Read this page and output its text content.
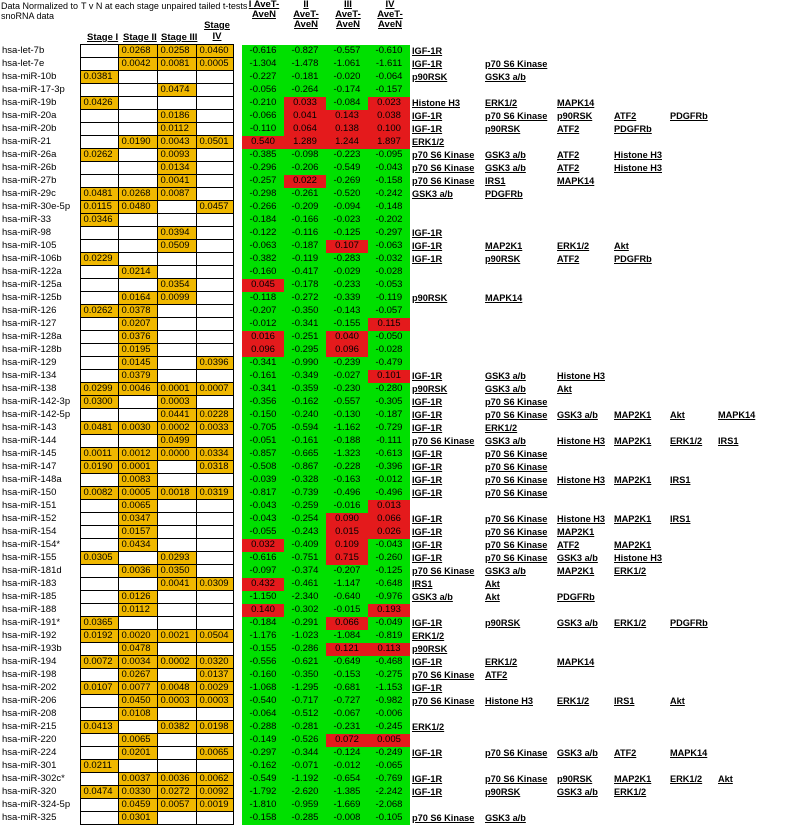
Data Normalized to snoRNA data
T v N at each stage unpaired tailed t-tests
Stage I Stage II Stage III
Stage IV
I AveT-AveN
II AveT-AveN
III AveT-AveN
IV AveT-AveN
hsa-let-7b		0.0268	0.0258	0.0460		-0.616	-0.827	-0.557	-0.610	IGF-1R					
hsa-let-7e		0.0042	0.0081	0.0005		-1.304	-1.478	-1.061	-1.611	IGF-1R	p70 S6 Kinase				
hsa-miR-10b	0.0381					-0.227	-0.181	-0.020	-0.064	p90RSK	GSK3 a/b				
hsa-miR-17-3p			0.0474			-0.056	-0.264	-0.174	-0.157						
hsa-miR-19b	0.0426					-0.210	0.033	-0.084	0.023	Histone H3	ERK1/2	MAPK14			
hsa-miR-20a			0.0186			-0.066	0.041	0.143	0.038	IGF-1R	p70 S6 Kinase	p90RSK	ATF2	PDGFRb	
hsa-miR-20b			0.0112			-0.110	0.064	0.138	0.100	IGF-1R	p90RSK	ATF2	PDGFRb		
hsa-miR-21		0.0190	0.0043	0.0501		0.540	1.289	1.244	1.897	ERK1/2					
hsa-miR-26a	0.0262		0.0093			-0.385	-0.098	-0.223	-0.095	p70 S6 Kinase	GSK3 a/b	ATF2	Histone H3		
hsa-miR-26b			0.0134			-0.296	-0.206	-0.549	-0.043	p70 S6 Kinase	GSK3 a/b	ATF2	Histone H3		
hsa-miR-27b			0.0041			-0.257	0.022	-0.269	-0.158	p70 S6 Kinase	IRS1	MAPK14			
hsa-miR-29c	0.0481	0.0268	0.0087			-0.298	-0.261	-0.520	-0.242	GSK3 a/b	PDGFRb				
hsa-miR-30e-5p	0.0115	0.0480		0.0457		-0.266	-0.209	-0.094	-0.148						
hsa-miR-33	0.0346					-0.184	-0.166	-0.023	-0.202						
hsa-miR-98			0.0394			-0.122	-0.116	-0.125	-0.297	IGF-1R					
hsa-miR-105			0.0509			-0.063	-0.187	0.107	-0.063	IGF-1R	MAP2K1	ERK1/2	Akt		
hsa-miR-106b	0.0229					-0.382	-0.119	-0.283	-0.032	IGF-1R	p90RSK	ATF2	PDGFRb		
hsa-miR-122a		0.0214				-0.160	-0.417	-0.029	-0.028						
hsa-miR-125a			0.0354			0.045	-0.178	-0.233	-0.053						
hsa-miR-125b		0.0164	0.0099			-0.118	-0.272	-0.339	-0.119	p90RSK	MAPK14				
hsa-miR-126	0.0262	0.0378				-0.207	-0.350	-0.143	-0.057						
hsa-miR-127		0.0207				-0.012	-0.341	-0.155	0.115						
hsa-miR-128a		0.0376				0.016	-0.251	0.040	-0.050						
hsa-miR-128b		0.0195				0.096	-0.295	0.096	-0.028						
hsa-miR-129		0.0145		0.0396		-0.341	-0.990	-0.239	-0.479						
hsa-miR-134		0.0379				-0.161	-0.349	-0.027	0.101	IGF-1R	GSK3 a/b	Histone H3			
hsa-miR-138	0.0299	0.0046	0.0001	0.0007		-0.341	-0.359	-0.230	-0.280	p90RSK	GSK3 a/b	Akt			
hsa-miR-142-3p	0.0300		0.0003			-0.356	-0.162	-0.557	-0.305	IGF-1R	p70 S6 Kinase				
hsa-miR-142-5p			0.0441	0.0228		-0.150	-0.240	-0.130	-0.187	IGF-1R	p70 S6 Kinase	GSK3 a/b	MAP2K1	Akt	MAPK14
hsa-miR-143	0.0481	0.0030	0.0002	0.0033		-0.705	-0.594	-1.162	-0.729	IGF-1R	ERK1/2				
hsa-miR-144			0.0499			-0.051	-0.161	-0.188	-0.111	p70 S6 Kinase	GSK3 a/b	Histone H3	MAP2K1	ERK1/2	IRS1
hsa-miR-145	0.0011	0.0012	0.0000	0.0334		-0.857	-0.665	-1.323	-0.613	IGF-1R	p70 S6 Kinase				
hsa-miR-147	0.0190	0.0001		0.0318		-0.508	-0.867	-0.228	-0.396	IGF-1R	p70 S6 Kinase				
hsa-miR-148a		0.0083				-0.039	-0.328	-0.163	-0.012	IGF-1R	p70 S6 Kinase	Histone H3	MAP2K1	IRS1	
hsa-miR-150	0.0082	0.0005	0.0018	0.0319		-0.817	-0.739	-0.496	-0.496	IGF-1R	p70 S6 Kinase				
hsa-miR-151		0.0065				-0.043	-0.259	-0.016	0.013						
hsa-miR-152		0.0347				-0.043	-0.254	0.090	0.066	IGF-1R	p70 S6 Kinase	Histone H3	MAP2K1	IRS1	
hsa-miR-154		0.0157				-0.055	-0.243	0.015	0.026	IGF-1R	p70 S6 Kinase	MAP2K1			
hsa-miR-154*		0.0434				0.032	-0.409	0.109	-0.043	IGF-1R	p70 S6 Kinase	ATF2	MAP2K1		
hsa-miR-155	0.0305		0.0293			-0.616	-0.751	0.715	-0.260	IGF-1R	p70 S6 Kinase	GSK3 a/b	Histone H3		
hsa-miR-181d		0.0036	0.0350			-0.097	-0.374	-0.207	-0.125	p70 S6 Kinase	GSK3 a/b	MAP2K1	ERK1/2		
hsa-miR-183			0.0041	0.0309		0.432	-0.461	-1.147	-0.648	IRS1	Akt				
hsa-miR-185		0.0126				-1.150	-2.340	-0.640	-0.976	GSK3 a/b	Akt	PDGFRb			
hsa-miR-188		0.0112				0.140	-0.302	-0.015	0.193						
hsa-miR-191*	0.0365					-0.184	-0.291	0.066	-0.049	IGF-1R	p90RSK	GSK3 a/b	ERK1/2	PDGFRb	
hsa-miR-192	0.0192	0.0020	0.0021	0.0504		-1.176	-1.023	-1.084	-0.819	ERK1/2					
hsa-miR-193b		0.0478				-0.155	-0.286	0.121	0.113	p90RSK					
hsa-miR-194	0.0072	0.0034	0.0002	0.0320		-0.556	-0.621	-0.649	-0.468	IGF-1R	ERK1/2	MAPK14			
hsa-miR-198		0.0267		0.0137		-0.160	-0.350	-0.153	-0.275	p70 S6 Kinase	ATF2				
hsa-miR-202	0.0107	0.0077	0.0048	0.0029		-1.068	-1.295	-0.681	-1.153	IGF-1R					
hsa-miR-206		0.0450	0.0003	0.0003		-0.540	-0.717	-0.727	-0.982	p70 S6 Kinase	Histone H3	ERK1/2	IRS1	Akt	
hsa-miR-208		0.0108				-0.064	-0.512	-0.067	-0.006						
hsa-miR-215	0.0413		0.0382	0.0198		-0.288	-0.281	-0.231	-0.245	ERK1/2					
hsa-miR-220		0.0065				-0.149	-0.526	0.072	0.005						
hsa-miR-224		0.0201		0.0065		-0.297	-0.344	-0.124	-0.249	IGF-1R	p70 S6 Kinase	GSK3 a/b	ATF2	MAPK14	
hsa-miR-301	0.0211					-0.162	-0.071	-0.012	-0.065						
hsa-miR-302c*		0.0037	0.0036	0.0062		-0.549	-1.192	-0.654	-0.769	IGF-1R	p70 S6 Kinase	p90RSK	MAP2K1	ERK1/2	Akt
hsa-miR-320	0.0474	0.0330	0.0272	0.0092		-1.792	-2.620	-1.385	-2.242	IGF-1R	p90RSK	GSK3 a/b	ERK1/2		
hsa-miR-324-5p		0.0459	0.0057	0.0019		-1.810	-0.959	-1.669	-2.068						
hsa-miR-325		0.0301				-0.158	-0.285	-0.008	-0.105	p70 S6 Kinase	GSK3 a/b				
